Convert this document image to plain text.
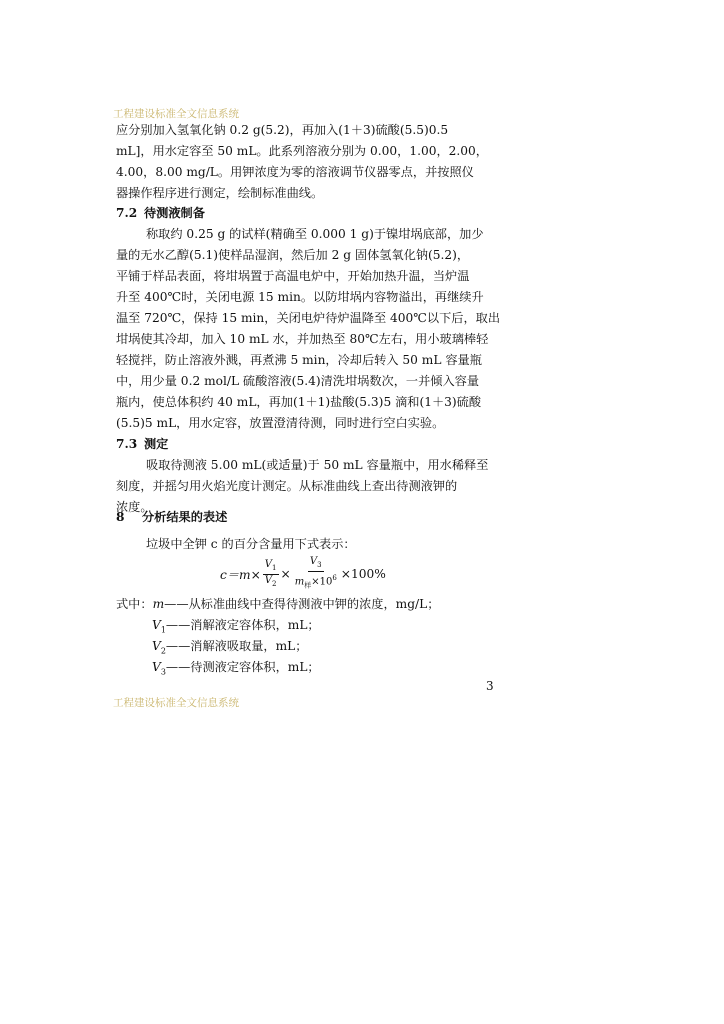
工程建设标准全文信息系统
应分别加入氢氧化钠 0.2 g(5.2)，再加入(1＋3)硫酸(5.5)0.5
mL]，用水定容至 50 mL。此系列溶液分别为 0.00，1.00，2.00，
4.00，8.00 mg/L。用钾浓度为零的溶液调节仪器零点，并按照仪
器操作程序进行测定，绘制标准曲线。
7.2 待测液制备
称取约 0.25 g 的试样(精确至 0.000 1 g)于镍坩埚底部，加少
量的无水乙醇(5.1)使样品湿润，然后加 2 g 固体氢氧化钠(5.2)，
平铺于样品表面，将坩埚置于高温电炉中，开始加热升温，当炉温
升至 400℃时，关闭电源 15 min。以防坩埚内容物溢出，再继续升
温至 720℃，保持 15 min，关闭电炉待炉温降至 400℃以下后，取出
坩埚使其冷却，加入 10 mL 水，并加热至 80℃左右，用小玻璃棒轻
轻搅拌，防止溶液外溅，再煮沸 5 min，冷却后转入 50 mL 容量瓶
中，用少量 0.2 mol/L 硫酸溶液(5.4)清洗坩埚数次，一并倾入容量
瓶内，使总体积约 40 mL，再加(1＋1)盐酸(5.3)5 滴和(1＋3)硫酸
(5.5)5 mL，用水定容，放置澄清待测，同时进行空白实验。
7.3 测定
吸取待测液 5.00 mL(或适量)于 50 mL 容量瓶中，用水稀释至
刻度，并摇匀用火焰光度计测定。从标准曲线上查出待测液钾的
浓度。
8 分析结果的表述
垃圾中全钾 c 的百分含量用下式表示：
$c=m\times \frac{V_1}{V_2} \times \frac{V_3}{m_样\times 10^6} \times 100\%$
式中：m——从标准曲线中查得待测液中钾的浓度，mg/L；
$V_1——$消解液定容体积，mL；
$V_2——$消解液吸取量，mL；
$V_3——$待测液定容体积，mL；
3
工程建设标准全文信息系统
